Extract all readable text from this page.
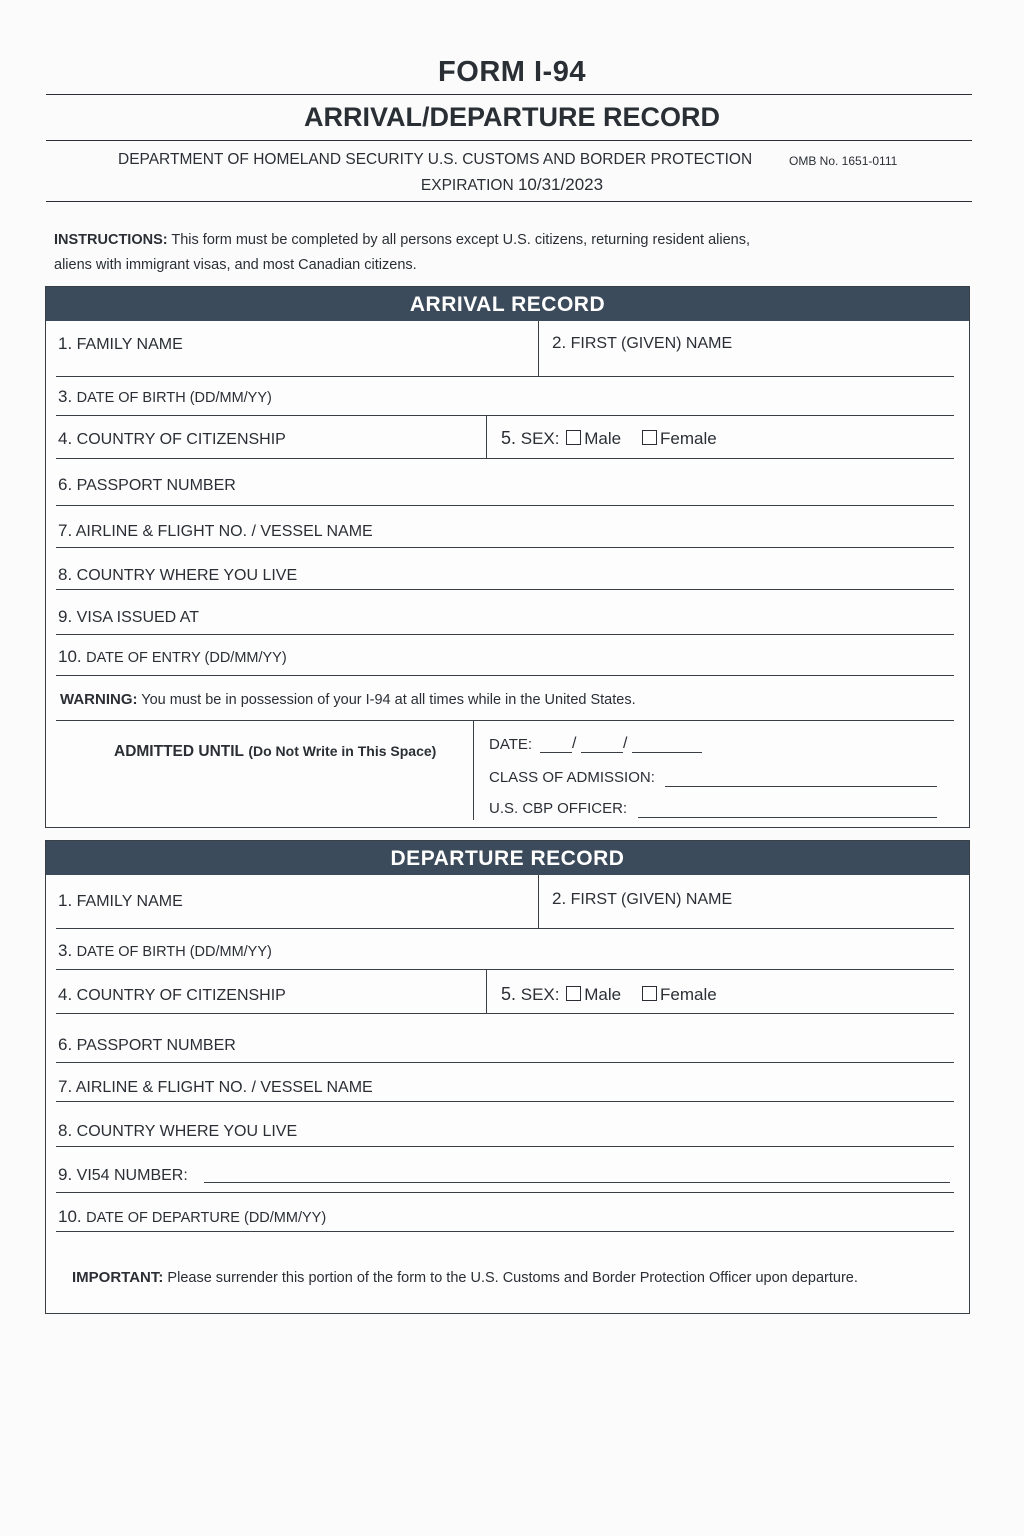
FORM I-94
ARRIVAL/DEPARTURE RECORD
DEPARTMENT OF HOMELAND SECURITY U.S. CUSTOMS AND BORDER PROTECTION	OMB No. 1651-0111
EXPIRATION 10/31/2023
INSTRUCTIONS: This form must be completed by all persons except U.S. citizens, returning resident aliens,
aliens with immigrant visas, and most Canadian citizens.
ARRIVAL RECORD
1. FAMILY NAME	2. FIRST (GIVEN) NAME
3. DATE OF BIRTH (DD/MM/YY)
4. COUNTRY OF CITIZENSHIP	5. SEX: Male Female
6. PASSPORT NUMBER
7. AIRLINE & FLIGHT NO. / VESSEL NAME
8. COUNTRY WHERE YOU LIVE
9. VISA ISSUED AT
10. DATE OF ENTRY (DD/MM/YY)
WARNING: You must be in possession of your I-94 at all times while in the United States.
ADMITTED UNTIL (Do Not Write in This Space)	DATE: /	/
CLASS OF ADMISSION:
U.S. CBP OFFICER:
DEPARTURE RECORD
1. FAMILY NAME	2. FIRST (GIVEN) NAME
3. DATE OF BIRTH (DD/MM/YY)
4. COUNTRY OF CITIZENSHIP	5. SEX: Male Female
6. PASSPORT NUMBER
7. AIRLINE & FLIGHT NO. / VESSEL NAME
8. COUNTRY WHERE YOU LIVE
9. VI54 NUMBER:
10. DATE OF DEPARTURE (DD/MM/YY)
IMPORTANT: Please surrender this portion of the form to the U.S. Customs and Border Protection Officer upon departure.
